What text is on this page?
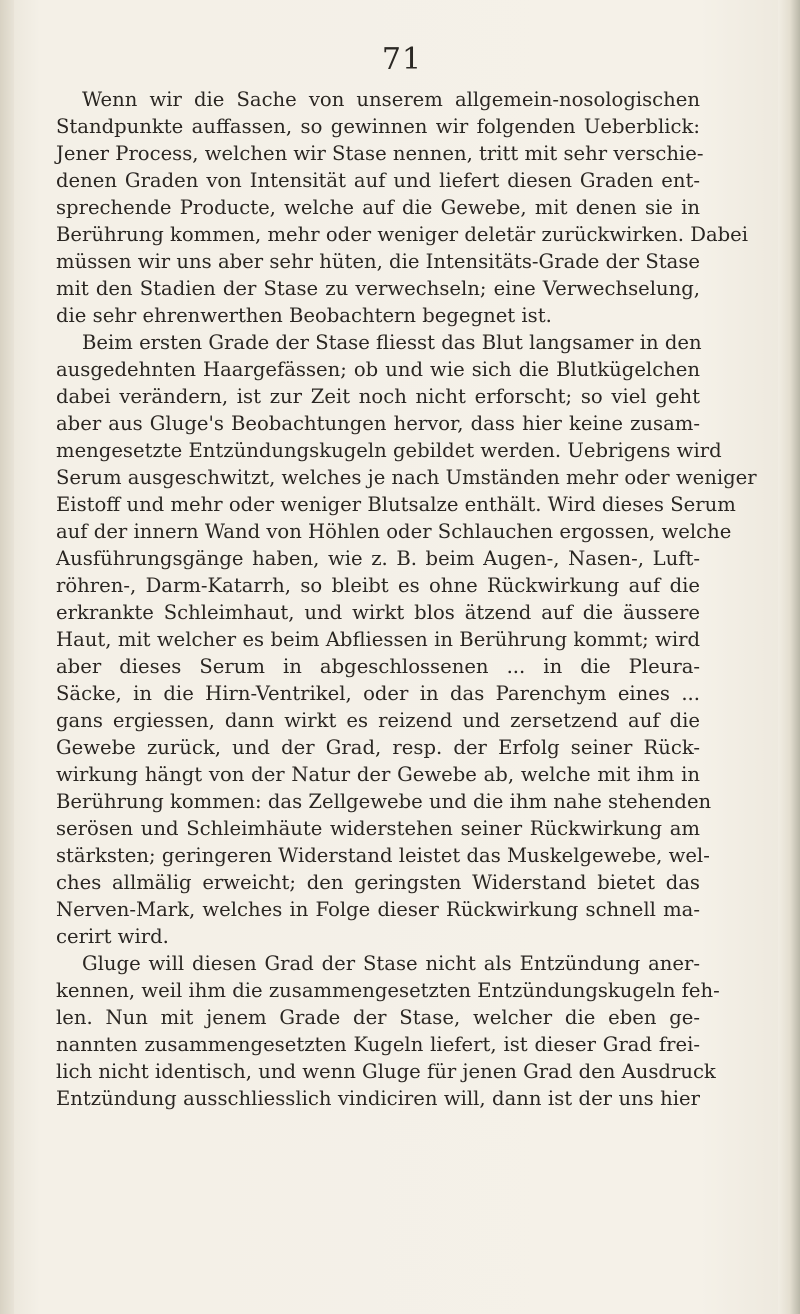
71
Wenn wir die Sache von unserem allgemein-nosologischen
Standpunkte auffassen, so gewinnen wir folgenden Ueberblick:
Jener Process, welchen wir Stase nennen, tritt mit sehr verschie-
denen Graden von Intensität auf und liefert diesen Graden ent-
sprechende Producte, welche auf die Gewebe, mit denen sie in
Berührung kommen, mehr oder weniger deletär zurückwirken. Dabei
müssen wir uns aber sehr hüten, die Intensitäts-Grade der Stase
mit den Stadien der Stase zu verwechseln; eine Verwechselung,
die sehr ehrenwerthen Beobachtern begegnet ist.
Beim ersten Grade der Stase fliesst das Blut langsamer in den
ausgedehnten Haargefässen; ob und wie sich die Blutkügelchen
dabei verändern, ist zur Zeit noch nicht erforscht; so viel geht
aber aus Gluge's Beobachtungen hervor, dass hier keine zusam-
mengesetzte Entzündungskugeln gebildet werden. Uebrigens wird
Serum ausgeschwitzt, welches je nach Umständen mehr oder weniger
Eistoff und mehr oder weniger Blutsalze enthält. Wird dieses Serum
auf der innern Wand von Höhlen oder Schlauchen ergossen, welche
Ausführungsgänge haben, wie z. B. beim Augen-, Nasen-, Luft-
röhren-, Darm-Katarrh, so bleibt es ohne Rückwirkung auf die
erkrankte Schleimhaut, und wirkt blos ätzend auf die äussere
Haut, mit welcher es beim Abfliessen in Berührung kommt; wird
aber dieses Serum in abgeschlossenen ... in die Pleura-
Säcke, in die Hirn-Ventrikel, oder in das Parenchym eines ...
gans ergiessen, dann wirkt es reizend und zersetzend auf die
Gewebe zurück, und der Grad, resp. der Erfolg seiner Rück-
wirkung hängt von der Natur der Gewebe ab, welche mit ihm in
Berührung kommen: das Zellgewebe und die ihm nahe stehenden
serösen und Schleimhäute widerstehen seiner Rückwirkung am
stärksten; geringeren Widerstand leistet das Muskelgewebe, wel-
ches allmälig erweicht; den geringsten Widerstand bietet das
Nerven-Mark, welches in Folge dieser Rückwirkung schnell ma-
cerirt wird.
Gluge will diesen Grad der Stase nicht als Entzündung aner-
kennen, weil ihm die zusammengesetzten Entzündungskugeln feh-
len. Nun mit jenem Grade der Stase, welcher die eben ge-
nannten zusammengesetzten Kugeln liefert, ist dieser Grad frei-
lich nicht identisch, und wenn Gluge für jenen Grad den Ausdruck
Entzündung ausschliesslich vindiciren will, dann ist der uns hier
